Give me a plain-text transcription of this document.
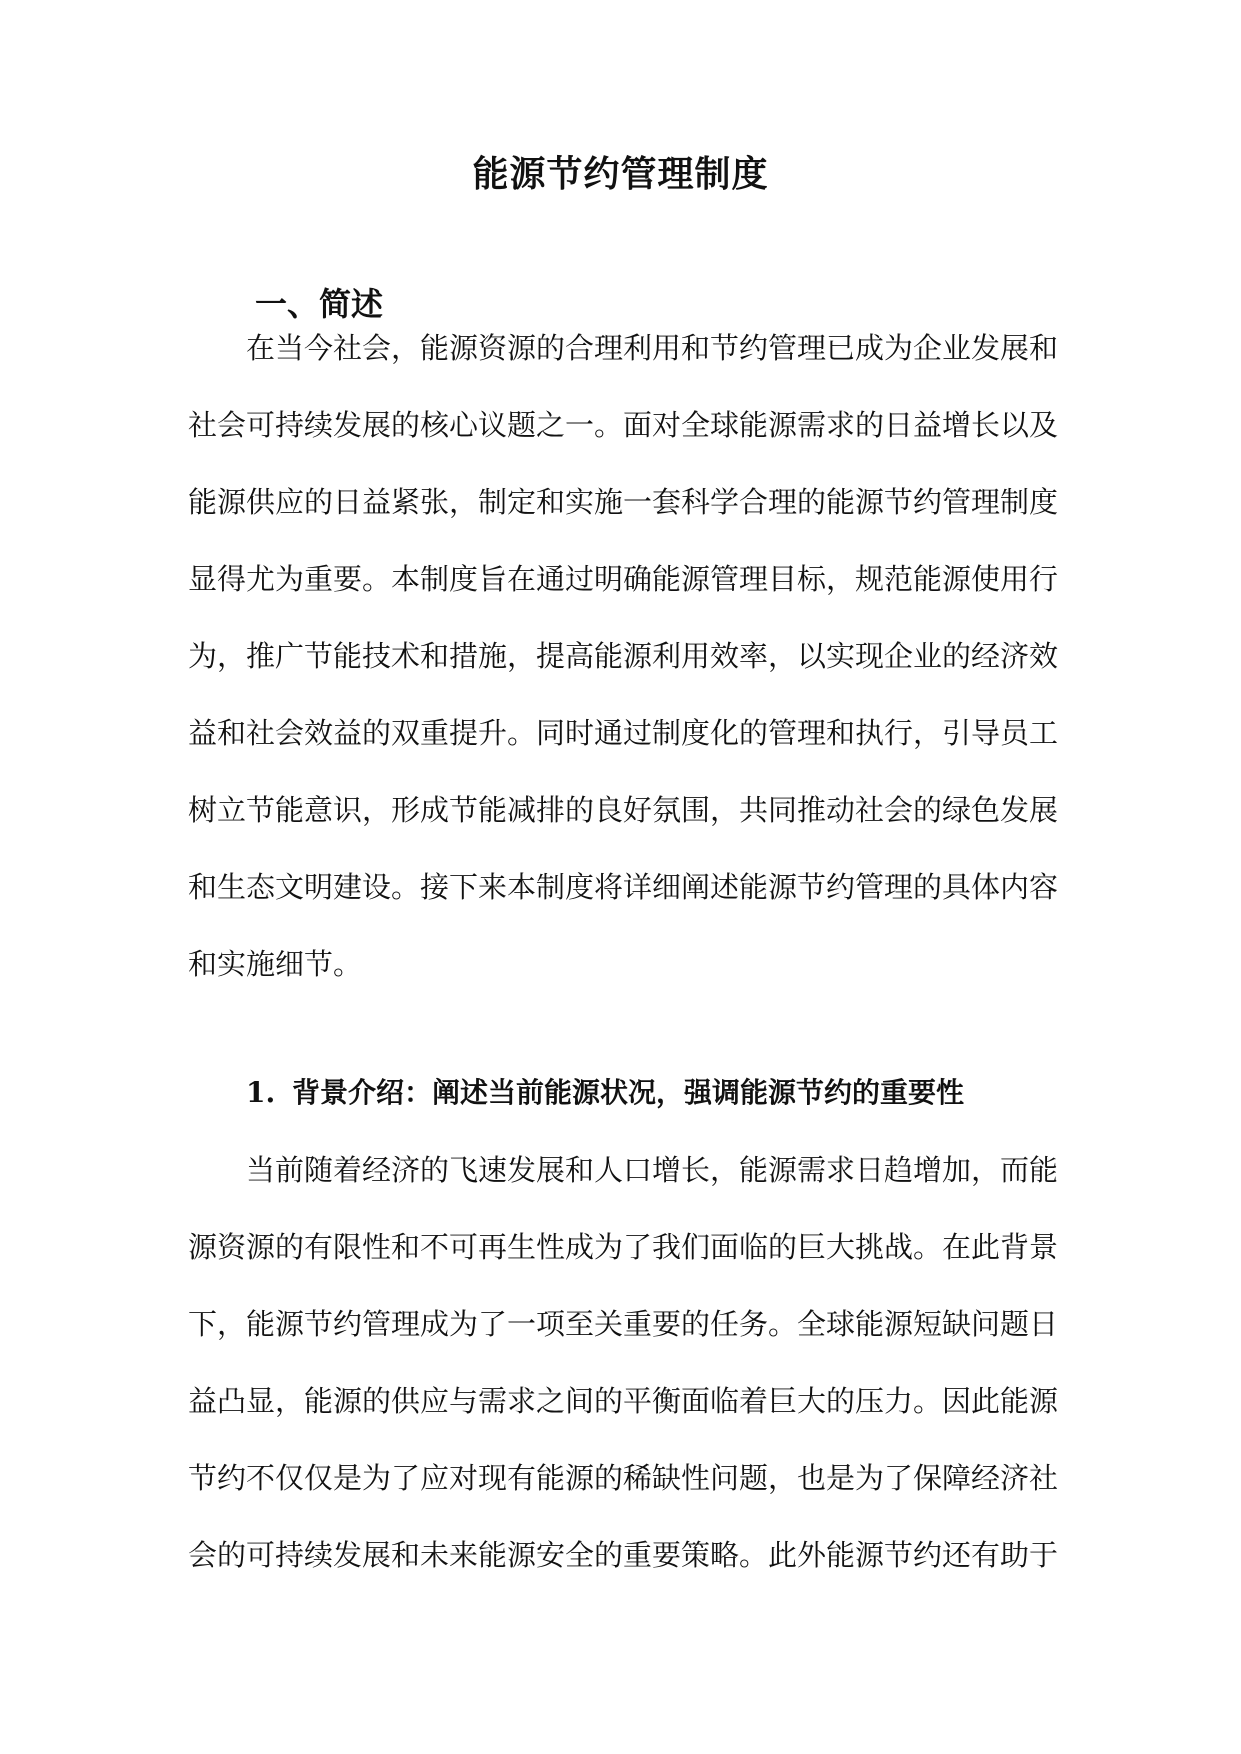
能源节约管理制度
一、简述

在当今社会，能源资源的合理利用和节约管理已成为企业发展和

社会可持续发展的核心议题之一。面对全球能源需求的日益增长以及

能源供应的日益紧张，制定和实施一套科学合理的能源节约管理制度

显得尤为重要。本制度旨在通过明确能源管理目标，规范能源使用行

为，推广节能技术和措施，提高能源利用效率，以实现企业的经济效

益和社会效益的双重提升。同时通过制度化的管理和执行，引导员工

树立节能意识，形成节能减排的良好氛围，共同推动社会的绿色发展

和生态文明建设。接下来本制度将详细阐述能源节约管理的具体内容

和实施细节。

1. 背景介绍：阐述当前能源状况，强调能源节约的重要性

当前随着经济的飞速发展和人口增长，能源需求日趋增加，而能

源资源的有限性和不可再生性成为了我们面临的巨大挑战。在此背景

下，能源节约管理成为了一项至关重要的任务。全球能源短缺问题日

益凸显，能源的供应与需求之间的平衡面临着巨大的压力。因此能源

节约不仅仅是为了应对现有能源的稀缺性问题，也是为了保障经济社

会的可持续发展和未来能源安全的重要策略。此外能源节约还有助于
